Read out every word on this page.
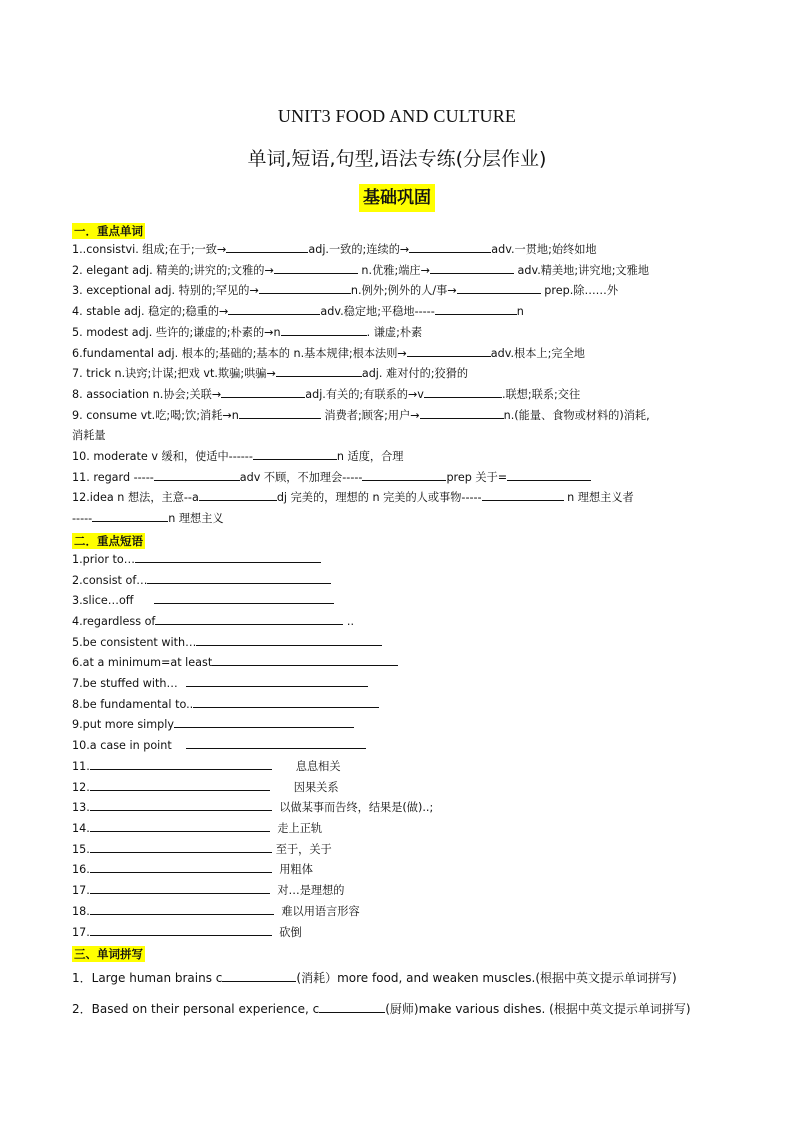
UNIT3 FOOD AND CULTURE
单词,短语,句型,语法专练(分层作业)
基础巩固
一．重点单词
1..consistvi. 组成;在于;一致→	adj.一致的;连续的→	adv.一贯地;始终如地
2. elegant adj. 精美的;讲究的;文雅的→	n.优雅;端庄→	adv.精美地;讲究地;文雅地
3. exceptional adj. 特别的;罕见的→	n.例外;例外的人/事→	prep.除……外
4. stable adj. 稳定的;稳重的→	adv.稳定地;平稳地-----	n
5. modest adj. 些许的;谦虚的;朴素的→n	. 谦虚;朴素
6.fundamental adj. 根本的;基础的;基本的 n.基本规律;根本法则→	adv.根本上;完全地
7. trick n.诀窍;计谋;把戏 vt.欺骗;哄骗→	adj. 难对付的;狡猾的
8. association n.协会;关联→	adj.有关的;有联系的→v	.联想;联系;交往
9. consume vt.吃;喝;饮;消耗→n	消费者;顾客;用户→	n.(能量、食物或材料的)消耗,
消耗量
10. moderate v 缓和，使适中------	n 适度，合理
11. regard -----	adv 不顾，不加理会-----	prep 关于=
12.idea n 想法，主意--a	dj 完美的，理想的 n 完美的人或事物-----	n 理想主义者
-----	n 理想主义
二．重点短语
1.prior to…
2.consist of…
3.slice…off
4.regardless of	..
5.be consistent with…
6.at a minimum=at least
7.be stuffed with…
8.be fundamental to..
9.put more simply
10.a case in point
11.	息息相关
12.	因果关系
13.	以做某事而告终，结果是(做)..;
14.	走上正轨
15.	至于，关于
16.	用粗体
17.	对…是理想的
18.	难以用语言形容
17.	砍倒
三、单词拼写
1．Large human brains c	(消耗）more food, and weaken muscles.(根据中英文提示单词拼写)
2．Based on their personal experience, c	(厨师)make various dishes. (根据中英文提示单词拼写)
